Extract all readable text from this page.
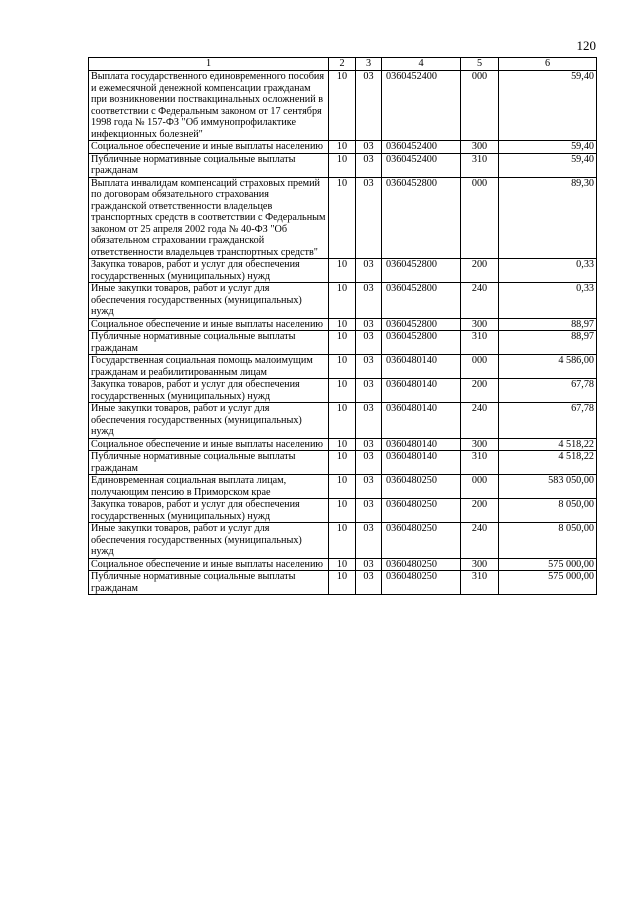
120
1	2	3	4	5	6
Выплата государственного единовременного пособия и ежемесячной денежной компенсации гражданам при возникновении поствакцинальных осложнений в соответствии с Федеральным законом от 17 сентября 1998 года № 157-ФЗ "Об иммунопрофилактике инфекционных болезней"	10	03	0360452400	000	59,40
Социальное обеспечение и иные выплаты населению	10	03	0360452400	300	59,40
Публичные нормативные социальные выплаты гражданам	10	03	0360452400	310	59,40
Выплата инвалидам компенсаций страховых премий по договорам обязательного страхования гражданской ответственности владельцев транспортных средств в соответствии с Федеральным законом от 25 апреля 2002 года № 40-ФЗ "Об обязательном страховании гражданской ответственности владельцев транспортных средств"	10	03	0360452800	000	89,30
Закупка товаров, работ и услуг для обеспечения государственных (муниципальных) нужд	10	03	0360452800	200	0,33
Иные закупки товаров, работ и услуг для обеспечения государственных (муниципальных) нужд	10	03	0360452800	240	0,33
Социальное обеспечение и иные выплаты населению	10	03	0360452800	300	88,97
Публичные нормативные социальные выплаты гражданам	10	03	0360452800	310	88,97
Государственная социальная помощь малоимущим гражданам и реабилитированным лицам	10	03	0360480140	000	4 586,00
Закупка товаров, работ и услуг для обеспечения государственных (муниципальных) нужд	10	03	0360480140	200	67,78
Иные закупки товаров, работ и услуг для обеспечения государственных (муниципальных) нужд	10	03	0360480140	240	67,78
Социальное обеспечение и иные выплаты населению	10	03	0360480140	300	4 518,22
Публичные нормативные социальные выплаты гражданам	10	03	0360480140	310	4 518,22
Единовременная социальная выплата лицам, получающим пенсию в Приморском крае	10	03	0360480250	000	583 050,00
Закупка товаров, работ и услуг для обеспечения государственных (муниципальных) нужд	10	03	0360480250	200	8 050,00
Иные закупки товаров, работ и услуг для обеспечения государственных (муниципальных) нужд	10	03	0360480250	240	8 050,00
Социальное обеспечение и иные выплаты населению	10	03	0360480250	300	575 000,00
Публичные нормативные социальные выплаты гражданам	10	03	0360480250	310	575 000,00
